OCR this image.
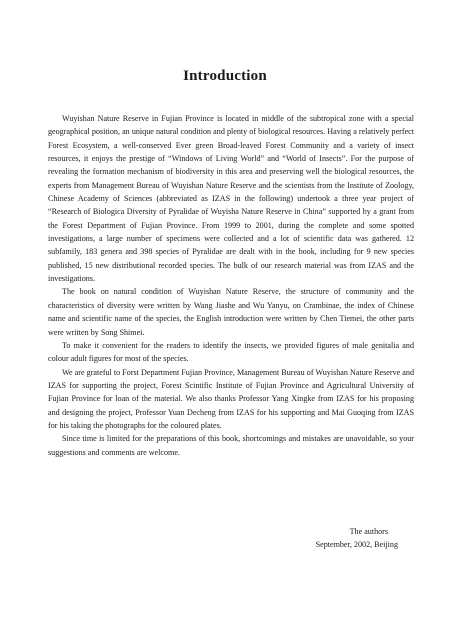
Introduction

Wuyishan Nature Reserve in Fujian Province is located in middle of the subtropical zone with a special geographical position, an unique natural condition and plenty of biological resources. Having a relatively perfect Forest Ecosystem, a well-conserved Ever green Broad-leaved Forest Community and a variety of insect resources, it enjoys the prestige of “Windows of Living World” and “World of Insects”. For the purpose of revealing the formation mechanism of biodiversity in this area and preserving well the biological resources, the experts from Management Bureau of Wuyishan Nature Reserve and the scientists from the Institute of Zoology, Chinese Academy of Sciences (abbreviated as IZAS in the following) undertook a three year project of “Research of Biologica Diversity of Pyralidae of Wuyisha Nature Reserve in China” supported by a grant from the Forest Department of Fujian Province. From 1999 to 2001, during the complete and some spotted investigations, a large number of specimens were collected and a lot of scientific data was gathered. 12 subfamily, 183 genera and 398 species of Pyralidae are dealt with in the book, including for 9 new species published, 15 new distributional recorded species. The bulk of our research material was from IZAS and the investigations.

The book on natural condition of Wuyishan Nature Reserve, the structure of community and the characteristics of diversity were written by Wang Jiashe and Wu Yanyu, on Crambinae, the index of Chinese name and scientific name of the species, the English introduction were written by Chen Tiemei, the other parts were written by Song Shimei.

To make it convenient for the readers to identify the insects, we provided figures of male genitalia and colour adult figures for most of the species.

We are grateful to Forst Department Fujian Province, Management Bureau of Wuyishan Nature Reserve and IZAS for supporting the project, Forest Scintific Institute of Fujian Province and Agricultural University of Fujian Province for loan of the material. We also thanks Professor Yang Xingke from IZAS for his proposing and designing the project, Professor Yuan Decheng from IZAS for his supporting and Mai Guoqing from IZAS for his taking the photographs for the coloured plates.

Since time is limited for the preparations of this book, shortcomings and mistakes are unavoidable, so your suggestions and comments are welcome.

The authors
September, 2002, Beijing
